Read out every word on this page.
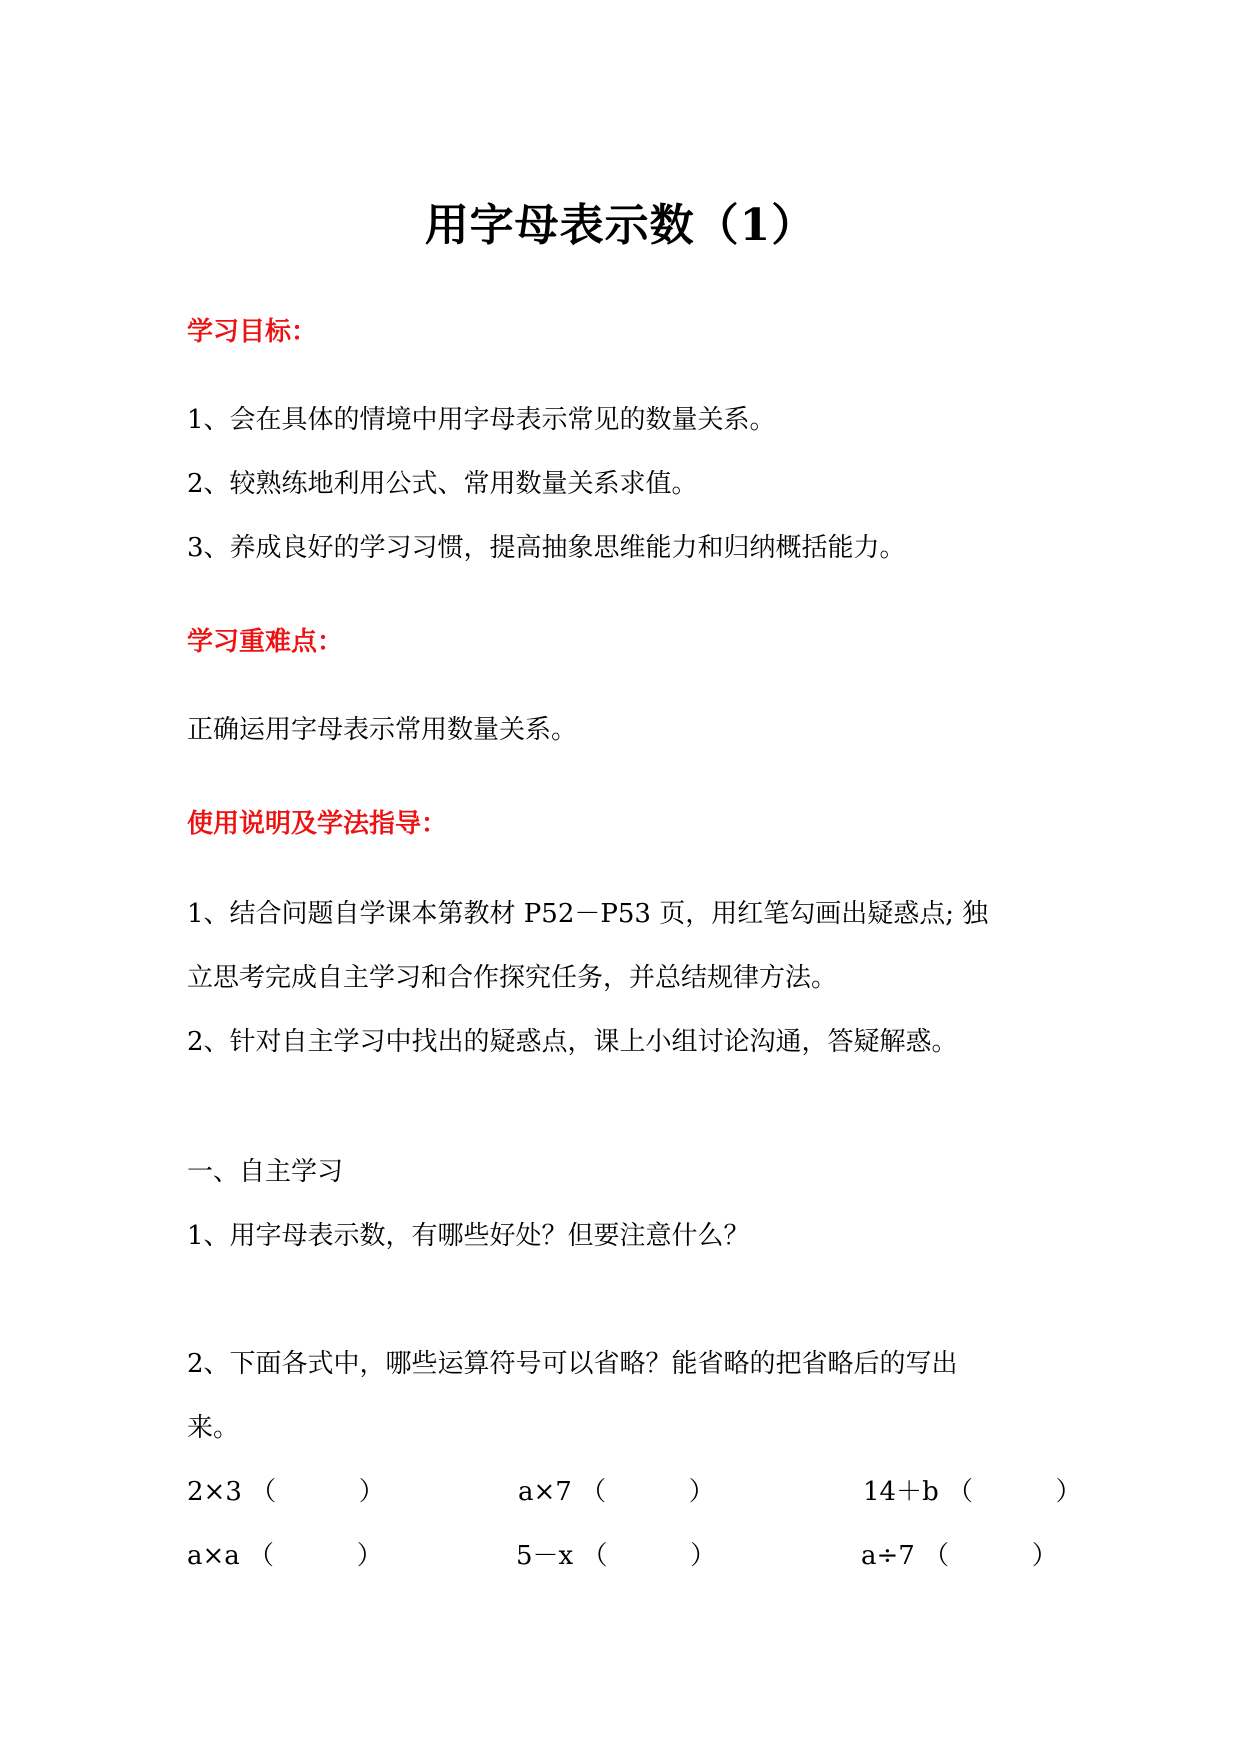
用字母表示数（1）
学习目标：
1、会在具体的情境中用字母表示常见的数量关系。
2、较熟练地利用公式、常用数量关系求值。
3、养成良好的学习习惯，提高抽象思维能力和归纳概括能力。
学习重难点：
正确运用字母表示常用数量关系。
使用说明及学法指导：
1、结合问题自学课本第教材 P52－P53 页，用红笔勾画出疑惑点; 独
立思考完成自主学习和合作探究任务，并总结规律方法。
2、针对自主学习中找出的疑惑点，课上小组讨论沟通，答疑解惑。
一、自主学习
1、用字母表示数，有哪些好处？但要注意什么？
2、下面各式中，哪些运算符号可以省略？能省略的把省略后的写出
来。
2×3 （          ）	a×7 （          ）	14＋b （          ）
a×a （          ）	5－x （          ）	a÷7 （          ）
